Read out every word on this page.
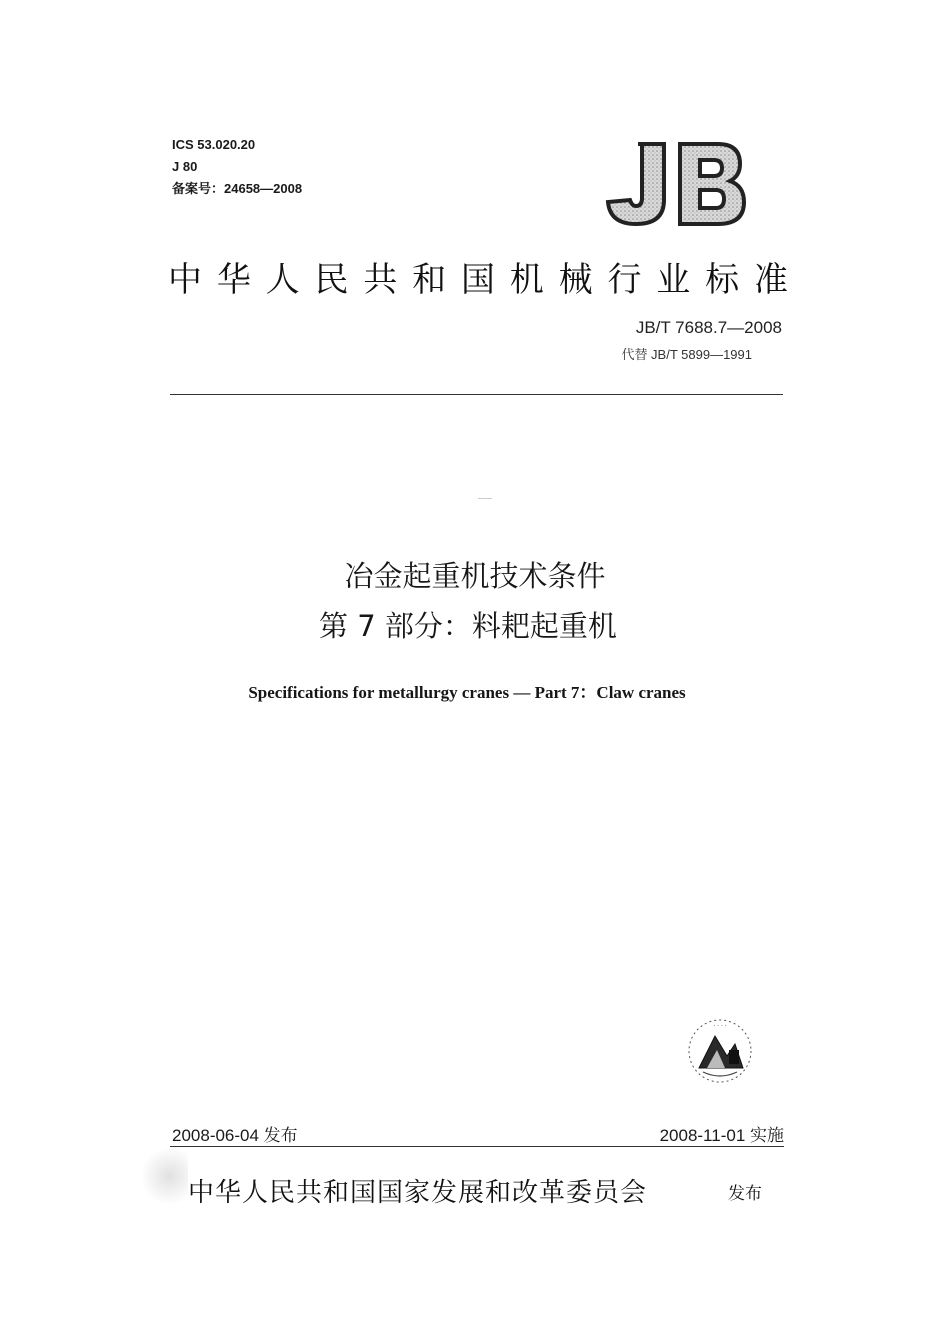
ICS 53.020.20
J 80
备案号：24658—2008
中 华 人 民 共 和 国 机 械 行 业 标 准
JB/T 7688.7—2008
代替 JB/T 5899—1991
冶金起重机技术条件
第 7 部分：料耙起重机
Specifications for metallurgy cranes — Part 7：Claw cranes
· · · ·
2008-06-04 发布	2008-11-01 实施
中华人民共和国国家发展和改革委员会	发布
